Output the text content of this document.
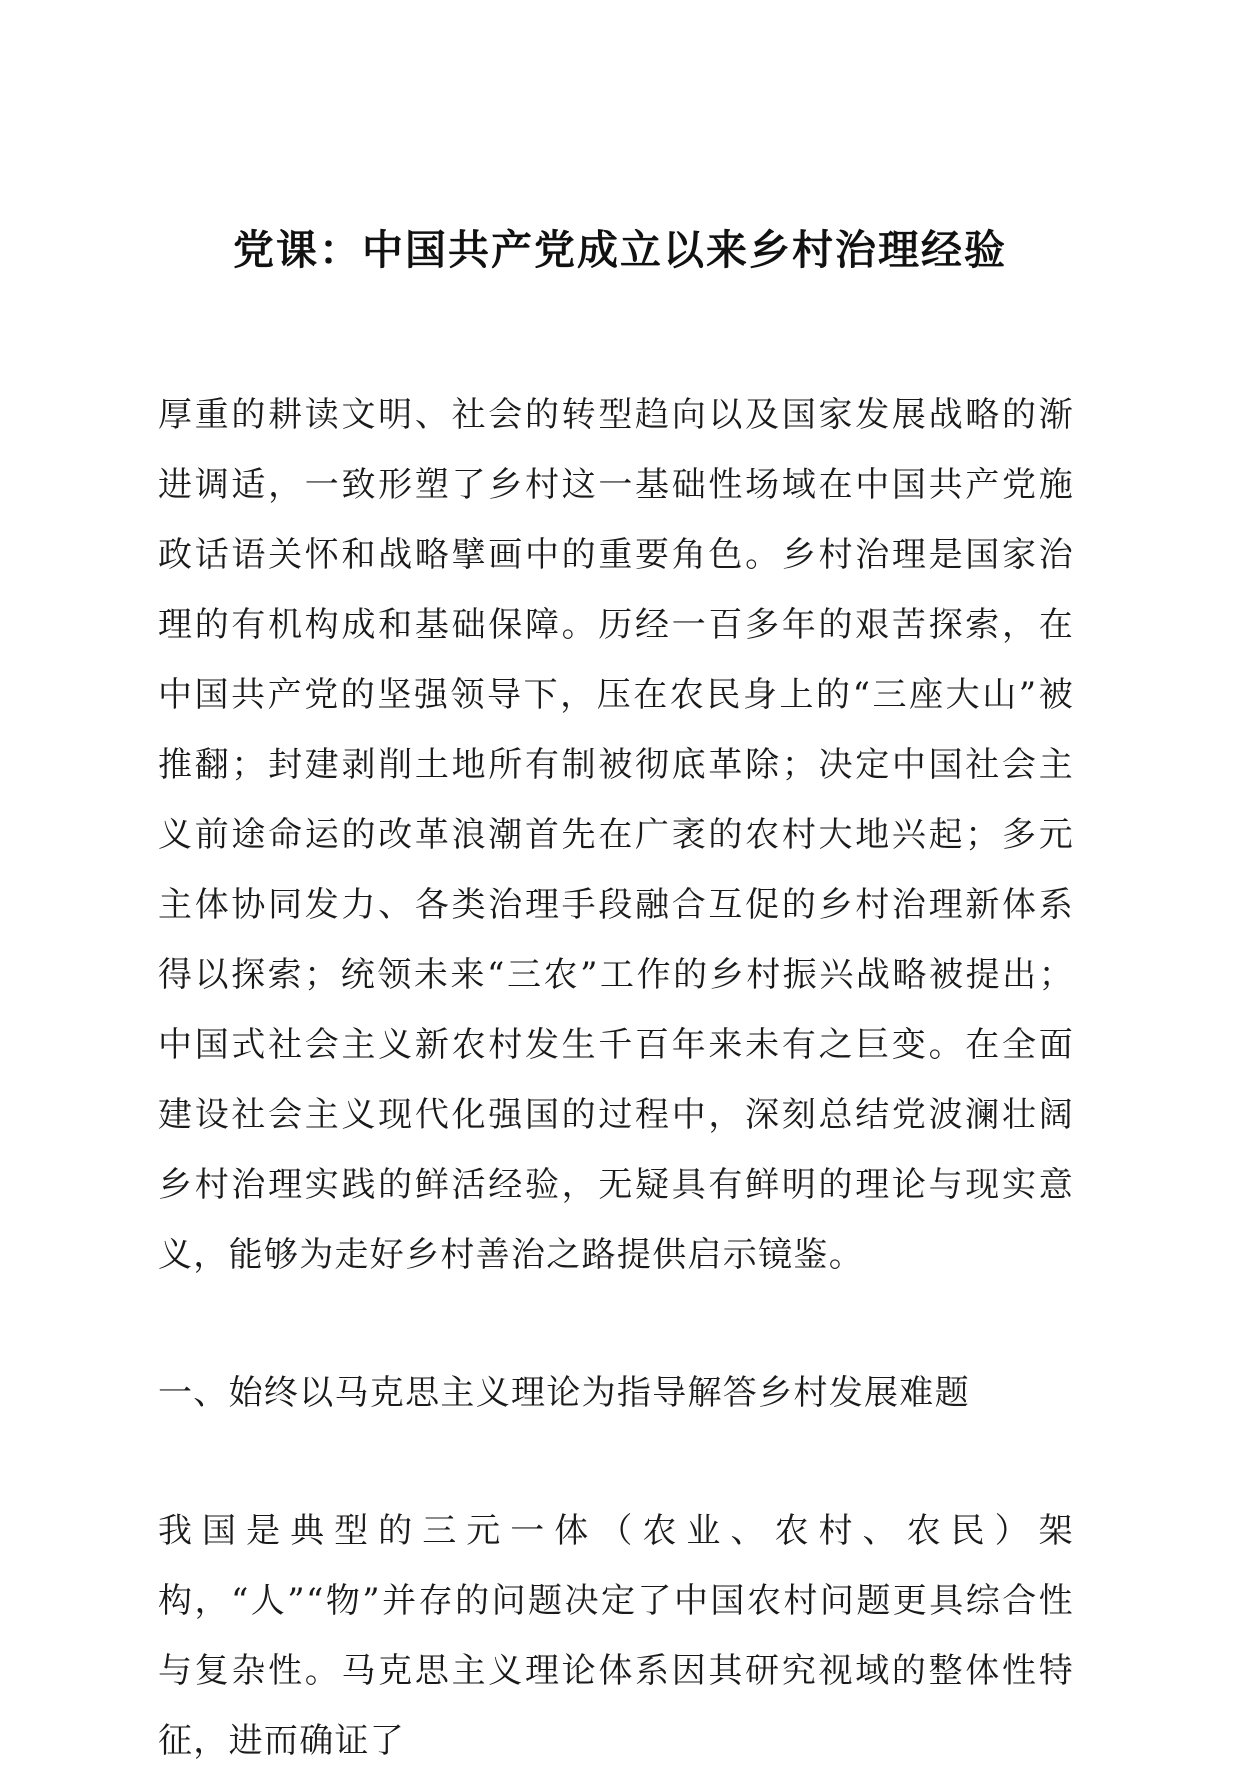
党课：中国共产党成立以来乡村治理经验

厚重的耕读文明、社会的转型趋向以及国家发展战略的渐进调适，一致形塑了乡村这一基础性场域在中国共产党施政话语关怀和战略擘画中的重要角色。乡村治理是国家治理的有机构成和基础保障。历经一百多年的艰苦探索，在中国共产党的坚强领导下，压在农民身上的“三座大山”被推翻；封建剥削土地所有制被彻底革除；决定中国社会主义前途命运的改革浪潮首先在广袤的农村大地兴起；多元主体协同发力、各类治理手段融合互促的乡村治理新体系得以探索；统领未来“三农”工作的乡村振兴战略被提出；中国式社会主义新农村发生千百年来未有之巨变。在全面建设社会主义现代化强国的过程中，深刻总结党波澜壮阔乡村治理实践的鲜活经验，无疑具有鲜明的理论与现实意义，能够为走好乡村善治之路提供启示镜鉴。

一、始终以马克思主义理论为指导解答乡村发展难题

我国是典型的三元一体（农业、农村、农民）架构，“人”“物”并存的问题决定了中国农村问题更具综合性与复杂性。马克思主义理论体系因其研究视域的整体性特征，进而确证了
